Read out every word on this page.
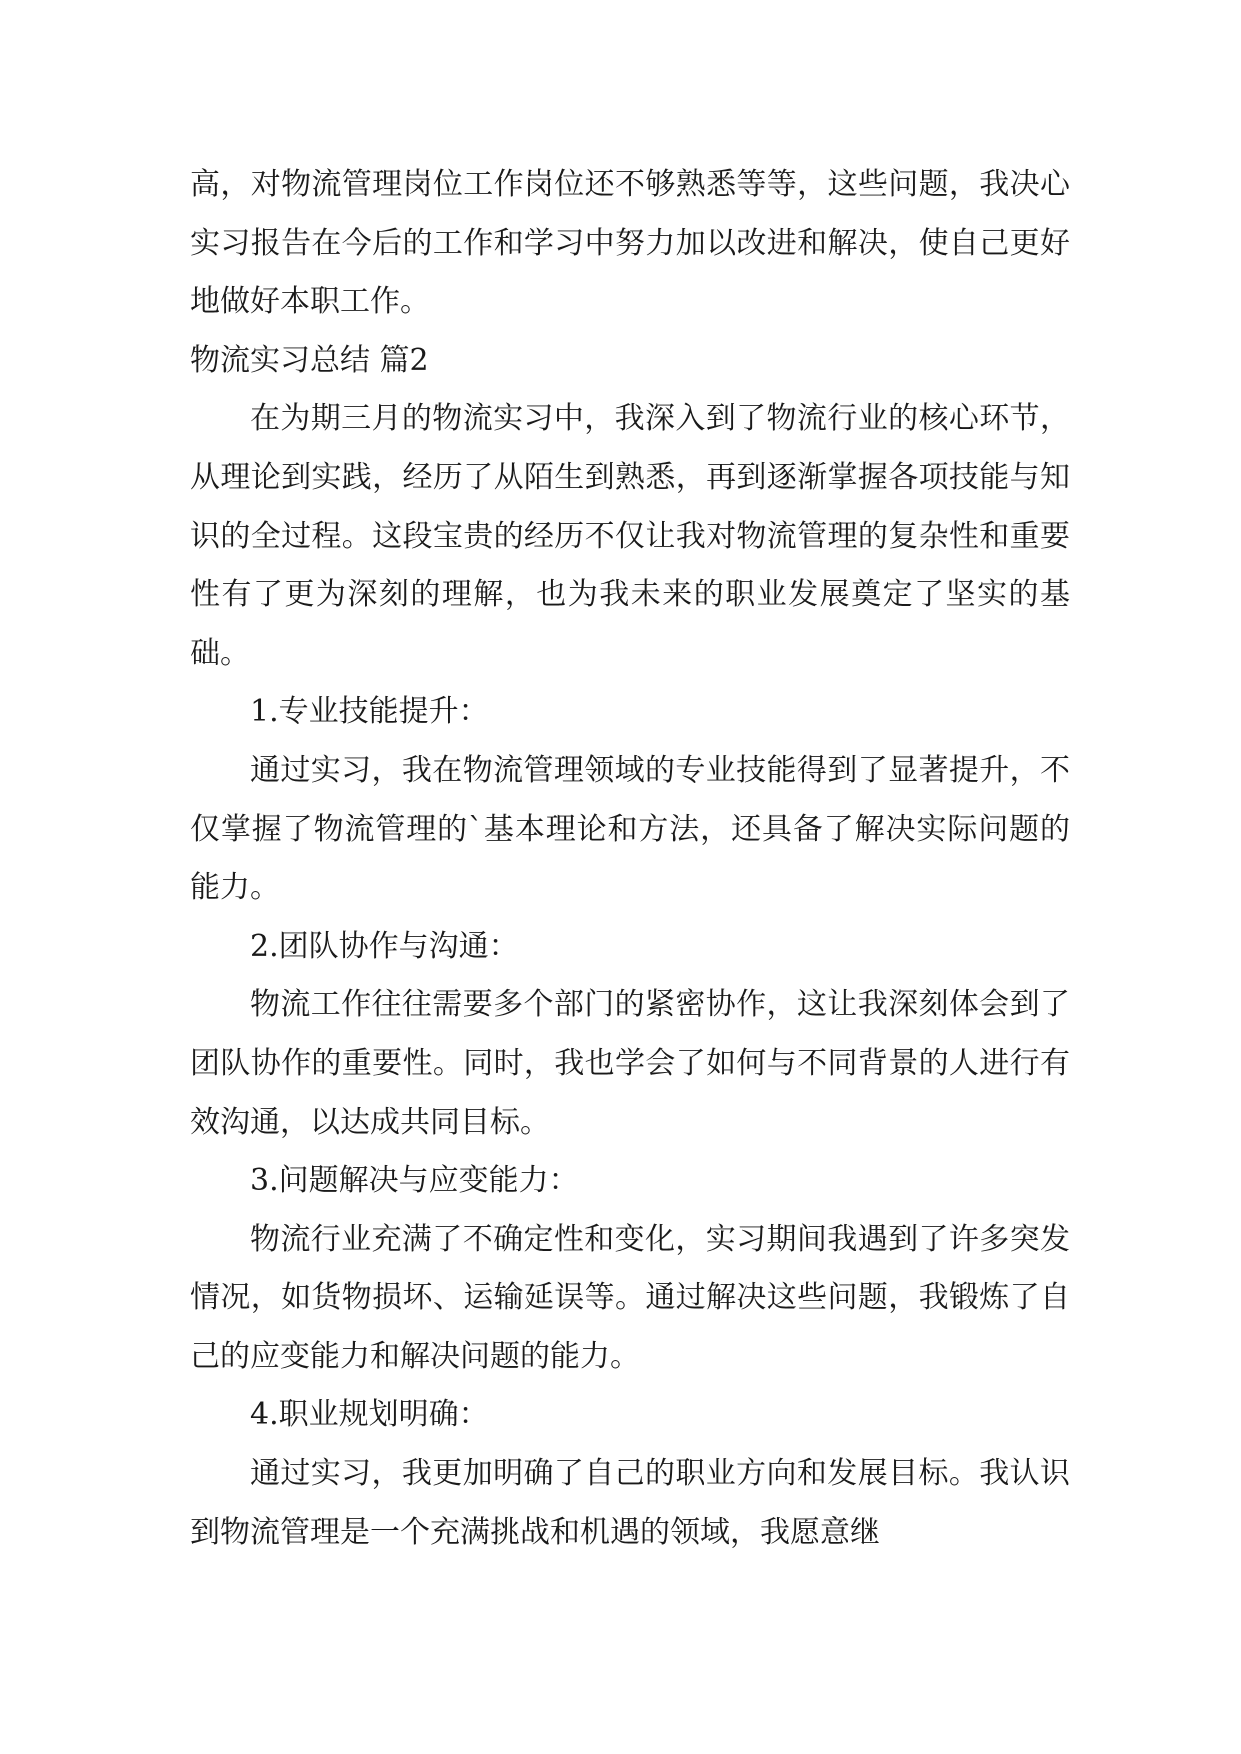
高，对物流管理岗位工作岗位还不够熟悉等等，这些问题，我决心实习报告在今后的工作和学习中努力加以改进和解决，使自己更好地做好本职工作。

物流实习总结 篇2

在为期三月的物流实习中，我深入到了物流行业的核心环节，从理论到实践，经历了从陌生到熟悉，再到逐渐掌握各项技能与知识的全过程。这段宝贵的经历不仅让我对物流管理的复杂性和重要性有了更为深刻的理解，也为我未来的职业发展奠定了坚实的基础。

1.专业技能提升：

通过实习，我在物流管理领域的专业技能得到了显著提升，不仅掌握了物流管理的`基本理论和方法，还具备了解决实际问题的能力。

2.团队协作与沟通：

物流工作往往需要多个部门的紧密协作，这让我深刻体会到了团队协作的重要性。同时，我也学会了如何与不同背景的人进行有效沟通，以达成共同目标。

3.问题解决与应变能力：

物流行业充满了不确定性和变化，实习期间我遇到了许多突发情况，如货物损坏、运输延误等。通过解决这些问题，我锻炼了自己的应变能力和解决问题的能力。

4.职业规划明确：

通过实习，我更加明确了自己的职业方向和发展目标。我认识到物流管理是一个充满挑战和机遇的领域，我愿意继
